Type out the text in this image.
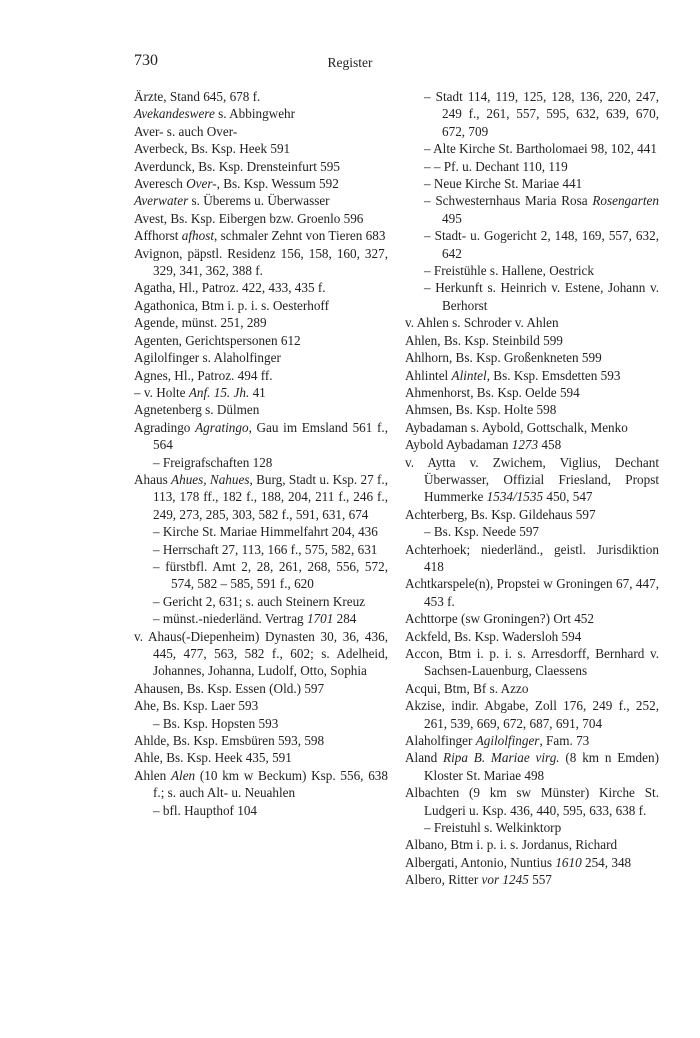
730	Register
Ärzte, Stand 645, 678 f.
Avekandeswere s. Abbingwehr
Aver- s. auch Over-
Averbeck, Bs. Ksp. Heek 591
Averdunck, Bs. Ksp. Drensteinfurt 595
Averesch Over-, Bs. Ksp. Wessum 592
Averwater s. Überems u. Überwasser
Avest, Bs. Ksp. Eibergen bzw. Groenlo 596
Affhorst afhost, schmaler Zehnt von Tieren 683
Avignon, päpstl. Residenz 156, 158, 160, 327, 329, 341, 362, 388 f.
Agatha, Hl., Patroz. 422, 433, 435 f.
Agathonica, Btm i. p. i. s. Oesterhoff
Agende, münst. 251, 289
Agenten, Gerichtspersonen 612
Agilolfinger s. Alaholfinger
Agnes, Hl., Patroz. 494 ff.
– v. Holte Anf. 15. Jh. 41
Agnetenberg s. Dülmen
Agradingo Agratingo, Gau im Emsland 561 f., 564
– Freigrafschaften 128
Ahaus Ahues, Nahues, Burg, Stadt u. Ksp. 27 f., 113, 178 ff., 182 f., 188, 204, 211 f., 246 f., 249, 273, 285, 303, 582 f., 591, 631, 674
– Kirche St. Mariae Himmelfahrt 204, 436
– Herrschaft 27, 113, 166 f., 575, 582, 631
– fürstbfl. Amt 2, 28, 261, 268, 556, 572, 574, 582 – 585, 591 f., 620
– Gericht 2, 631; s. auch Steinern Kreuz
– münst.-niederländ. Vertrag 1701 284
v. Ahaus(-Diepenheim) Dynasten 30, 36, 436, 445, 477, 563, 582 f., 602; s. Adelheid, Johannes, Johanna, Ludolf, Otto, Sophia
Ahausen, Bs. Ksp. Essen (Old.) 597
Ahe, Bs. Ksp. Laer 593
– Bs. Ksp. Hopsten 593
Ahlde, Bs. Ksp. Emsbüren 593, 598
Ahle, Bs. Ksp. Heek 435, 591
Ahlen Alen (10 km w Beckum) Ksp. 556, 638 f.; s. auch Alt- u. Neuahlen
– bfl. Haupthof 104
– Stadt 114, 119, 125, 128, 136, 220, 247, 249 f., 261, 557, 595, 632, 639, 670, 672, 709
– Alte Kirche St. Bartholomaei 98, 102, 441
– – Pf. u. Dechant 110, 119
– Neue Kirche St. Mariae 441
– Schwesternhaus Maria Rosa Rosengarten 495
– Stadt- u. Gogericht 2, 148, 169, 557, 632, 642
– Freistühle s. Hallene, Oestrick
– Herkunft s. Heinrich v. Estene, Johann v. Berhorst
v. Ahlen s. Schroder v. Ahlen
Ahlen, Bs. Ksp. Steinbild 599
Ahlhorn, Bs. Ksp. Großenkneten 599
Ahlintel Alintel, Bs. Ksp. Emsdetten 593
Ahmenhorst, Bs. Ksp. Oelde 594
Ahmsen, Bs. Ksp. Holte 598
Aybadaman s. Aybold, Gottschalk, Menko
Aybold Aybadaman 1273 458
v. Aytta v. Zwichem, Viglius, Dechant Überwasser, Offizial Friesland, Propst Hummerke 1534/1535 450, 547
Achterberg, Bs. Ksp. Gildehaus 597
– Bs. Ksp. Neede 597
Achterhoek; niederländ., geistl. Jurisdiktion 418
Achtkarspele(n), Propstei w Groningen 67, 447, 453 f.
Achttorpe (sw Groningen?) Ort 452
Ackfeld, Bs. Ksp. Wadersloh 594
Accon, Btm i. p. i. s. Arresdorff, Bernhard v. Sachsen-Lauenburg, Claessens
Acqui, Btm, Bf s. Azzo
Akzise, indir. Abgabe, Zoll 176, 249 f., 252, 261, 539, 669, 672, 687, 691, 704
Alaholfinger Agilolfinger, Fam. 73
Aland Ripa B. Mariae virg. (8 km n Emden) Kloster St. Mariae 498
Albachten (9 km sw Münster) Kirche St. Ludgeri u. Ksp. 436, 440, 595, 633, 638 f.
– Freistuhl s. Welkinktorp
Albano, Btm i. p. i. s. Jordanus, Richard
Albergati, Antonio, Nuntius 1610 254, 348
Albero, Ritter vor 1245 557
